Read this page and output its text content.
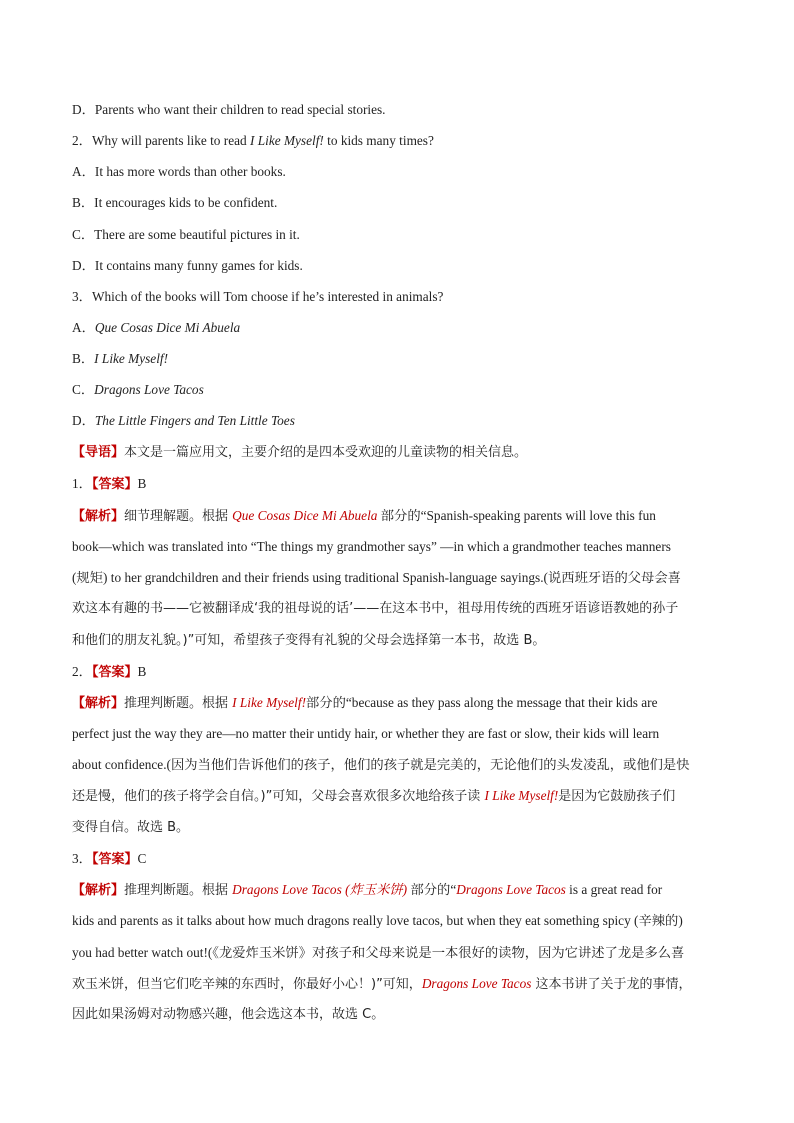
D．Parents who want their children to read special stories.
2．Why will parents like to read I Like Myself! to kids many times?
A．It has more words than other books.
B．It encourages kids to be confident.
C．There are some beautiful pictures in it.
D．It contains many funny games for kids.
3．Which of the books will Tom choose if he’s interested in animals?
A．Que Cosas Dice Mi Abuela
B．I Like Myself!
C．Dragons Love Tacos
D．The Little Fingers and Ten Little Toes
【导语】本文是一篇应用文，主要介绍的是四本受欢迎的儿童读物的相关信息。
1．【答案】B
【解析】细节理解题。根据 Que Cosas Dice Mi Abuela 部分的“Spanish-speaking parents will love this fun
book—which was translated into “The things my grandmother says” —in which a grandmother teaches manners
(规矩) to her grandchildren and their friends using traditional Spanish-language sayings.(说西班牙语的父母会喜
欢这本有趣的书——它被翻译成‘我的祖母说的话’——在这本书中，祖母用传统的西班牙语谚语教她的孙子
和他们的朋友礼貌。)”可知，希望孩子变得有礼貌的父母会选择第一本书，故选 B。
2．【答案】B
【解析】推理判断题。根据 I Like Myself!部分的“because as they pass along the message that their kids are
perfect just the way they are—no matter their untidy hair, or whether they are fast or slow, their kids will learn
about confidence.(因为当他们告诉他们的孩子，他们的孩子就是完美的，无论他们的头发凌乱，或他们是快
还是慢，他们的孩子将学会自信。)”可知，父母会喜欢很多次地给孩子读 I Like Myself!是因为它鼓励孩子们
变得自信。故选 B。
3．【答案】C
【解析】推理判断题。根据 Dragons Love Tacos (炸玉米饼) 部分的“Dragons Love Tacos is a great read for
kids and parents as it talks about how much dragons really love tacos, but when they eat something spicy (辛辣的)
you had better watch out!(《龙爱炸玉米饼》对孩子和父母来说是一本很好的读物，因为它讲述了龙是多么喜
欢玉米饼，但当它们吃辛辣的东西时，你最好小心！)”可知，Dragons Love Tacos 这本书讲了关于龙的事情，
因此如果汤姆对动物感兴趣，他会选这本书，故选 C。
